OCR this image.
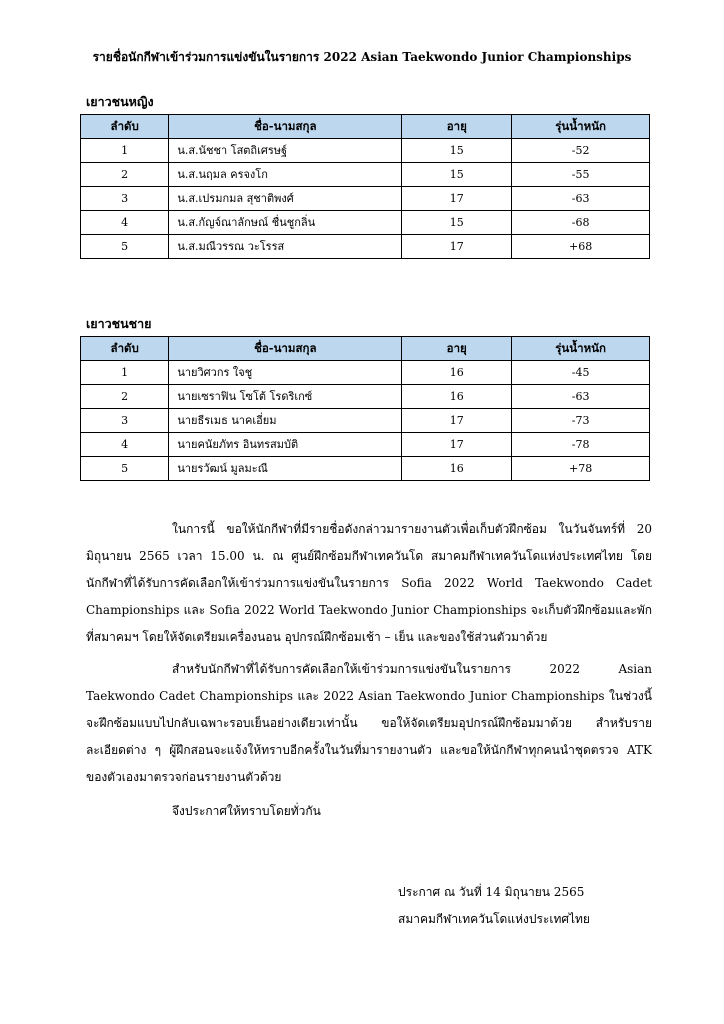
รายชื่อนักกีฬาเข้าร่วมการแข่งขันในรายการ 2022 Asian Taekwondo Junior Championships
เยาวชนหญิง
ลำดับ	ชื่อ-นามสกุล	อายุ	รุ่นน้ำหนัก
1	น.ส.นัชชา โสตถิเศรษฐ์	15	-52
2	น.ส.นฤมล ครจงโก	15	-55
3	น.ส.เปรมกมล สุชาติพงศ์	17	-63
4	น.ส.กัญจ์ณาลักษณ์ ชื่นชูกลิ่น	15	-68
5	น.ส.มณีวรรณ วะโรรส	17	+68
เยาวชนชาย
ลำดับ	ชื่อ-นามสกุล	อายุ	รุ่นน้ำหนัก
1	นายวิศวกร ใจชู	16	-45
2	นายเซราฟิน โซโต้ โรดริเกซ์	16	-63
3	นายธีรเมธ นาคเอี่ยม	17	-73
4	นายคนัยภัทร อินทรสมบัติ	17	-78
5	นายรวัฒน์ มูลมะณี	16	+78

ในการนี้ ขอให้นักกีฬาที่มีรายชื่อดังกล่าวมารายงานตัวเพื่อเก็บตัวฝึกซ้อม ในวันจันทร์ที่ 20 มิถุนายน 2565 เวลา 15.00 น. ณ ศูนย์ฝึกซ้อมกีฬาเทควันโด สมาคมกีฬาเทควันโดแห่งประเทศไทย โดยนักกีฬาที่ได้รับการคัดเลือกให้เข้าร่วมการแข่งขันในรายการ Sofia 2022 World Taekwondo Cadet Championships และ Sofia 2022 World Taekwondo Junior Championships จะเก็บตัวฝึกซ้อมและพักที่สมาคมฯ โดยให้จัดเตรียมเครื่องนอน อุปกรณ์ฝึกซ้อมเช้า – เย็น และของใช้ส่วนตัวมาด้วย

สำหรับนักกีฬาที่ได้รับการคัดเลือกให้เข้าร่วมการแข่งขันในรายการ 2022 Asian Taekwondo Cadet Championships และ 2022 Asian Taekwondo Junior Championships ในช่วงนี้จะฝึกซ้อมแบบไปกลับเฉพาะรอบเย็นอย่างเดียวเท่านั้น ขอให้จัดเตรียมอุปกรณ์ฝึกซ้อมมาด้วย สำหรับรายละเอียดต่าง ๆ ผู้ฝึกสอนจะแจ้งให้ทราบอีกครั้งในวันที่มารายงานตัว และขอให้นักกีฬาทุกคนนำชุดตรวจ ATK ของตัวเองมาตรวจก่อนรายงานตัวด้วย

จึงประกาศให้ทราบโดยทั่วกัน

ประกาศ ณ วันที่ 14 มิถุนายน 2565
สมาคมกีฬาเทควันโดแห่งประเทศไทย
